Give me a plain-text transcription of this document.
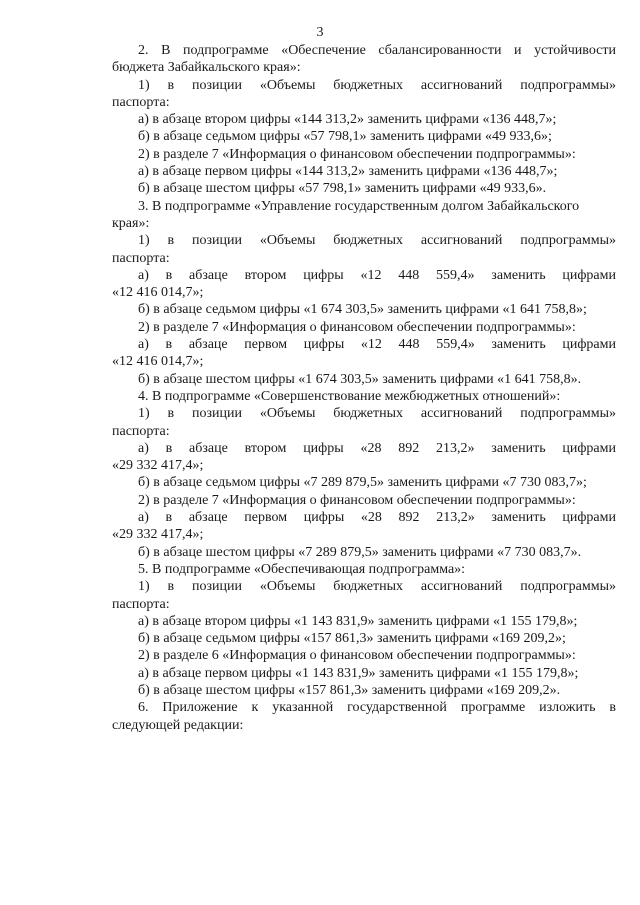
3

2. В подпрограмме «Обеспечение сбалансированности и устойчивости

бюджета Забайкальского края»:

1) в позиции «Объемы бюджетных ассигнований подпрограммы»

паспорта:

а) в абзаце втором цифры «144 313,2» заменить цифрами «136 448,7»;

б) в абзаце седьмом цифры «57 798,1» заменить цифрами «49 933,6»;

2) в разделе 7 «Информация о финансовом обеспечении подпрограммы»:

а) в абзаце первом цифры «144 313,2» заменить цифрами «136 448,7»;

б) в абзаце шестом цифры «57 798,1» заменить цифрами «49 933,6».

3. В подпрограмме «Управление государственным долгом Забайкальского

края»:

1) в позиции «Объемы бюджетных ассигнований подпрограммы»

паспорта:

а) в абзаце втором цифры «12 448 559,4» заменить цифрами

«12 416 014,7»;

б) в абзаце седьмом цифры «1 674 303,5» заменить цифрами «1 641 758,8»;

2) в разделе 7 «Информация о финансовом обеспечении подпрограммы»:

а) в абзаце первом цифры «12 448 559,4» заменить цифрами

«12 416 014,7»;

б) в абзаце шестом цифры «1 674 303,5» заменить цифрами «1 641 758,8».

4. В подпрограмме «Совершенствование межбюджетных отношений»:

1) в позиции «Объемы бюджетных ассигнований подпрограммы»

паспорта:

а) в абзаце втором цифры «28 892 213,2» заменить цифрами

«29 332 417,4»;

б) в абзаце седьмом цифры «7 289 879,5» заменить цифрами «7 730 083,7»;

2) в разделе 7 «Информация о финансовом обеспечении подпрограммы»:

а) в абзаце первом цифры «28 892 213,2» заменить цифрами

«29 332 417,4»;

б) в абзаце шестом цифры «7 289 879,5» заменить цифрами «7 730 083,7».

5. В подпрограмме «Обеспечивающая подпрограмма»:

1) в позиции «Объемы бюджетных ассигнований подпрограммы»

паспорта:

а) в абзаце втором цифры «1 143 831,9» заменить цифрами «1 155 179,8»;

б) в абзаце седьмом цифры «157 861,3» заменить цифрами «169 209,2»;

2) в разделе 6 «Информация о финансовом обеспечении подпрограммы»:

а) в абзаце первом цифры «1 143 831,9» заменить цифрами «1 155 179,8»;

б) в абзаце шестом цифры «157 861,3» заменить цифрами «169 209,2».

6. Приложение к указанной государственной программе изложить в

следующей редакции:
